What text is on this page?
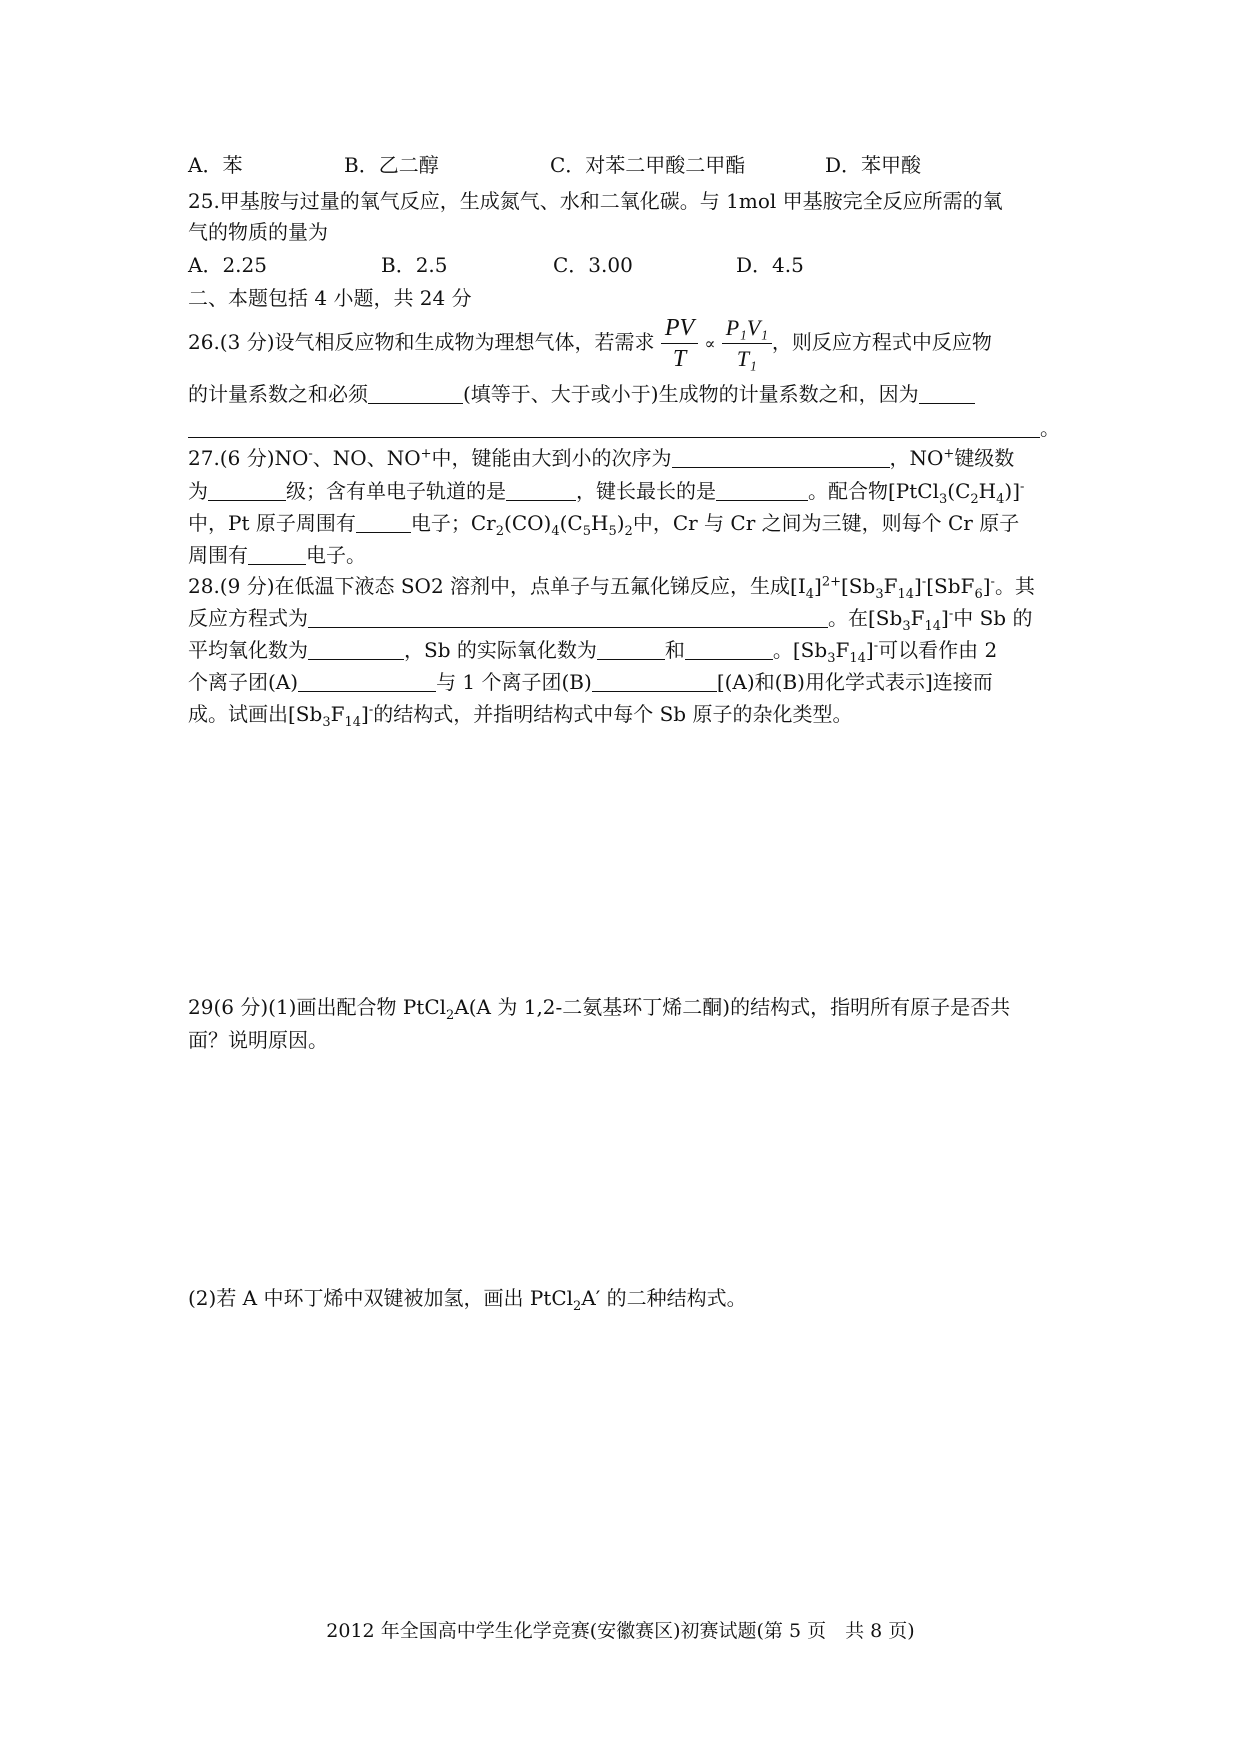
A．苯	B．乙二醇	C．对苯二甲酸二甲酯	D．苯甲酸
25.甲基胺与过量的氧气反应，生成氮气、水和二氧化碳。与 1mol 甲基胺完全反应所需的氧
气的物质的量为
A．2.25	B．2.5	C．3.00	D．4.5
二、本题包括 4 小题，共 24 分
26.(3 分)设气相反应物和生成物为理想气体，若需求 $\frac{PV}{T} \propto \frac{\text{P₁V₁}}{\text{T₁}}$ ，则反应方程式中反应物
的计量系数之和必须	(填等于、大于或小于)生成物的计量系数之和，因为
。
27.(6 分)NO-、NO、NO+中，键能由大到小的次序为	，NO+键级数
为	级；含有单电子轨道的是	，键长最长的是	。配合物$[PtCl_3(C_2H_4)]^-$
中，Pt 原子周围有	电子；$Cr_2(CO)_4(C_5H_5)_2$中，Cr 与 Cr 之间为三键，则每个 Cr 原子
周围有	电子。
28.(9 分)在低温下液态 SO2 溶剂中，点单子与五氟化锑反应，生成$[I_4]^{2+}[Sb_3F_{14}]^-[SbF_6]^-$。其
反应方程式为	。在$[Sb_3F_{14}]^-$中 Sb 的
平均氧化数为	，Sb 的实际氧化数为	和	。$[Sb_3F_{14}]^-$可以看作由 2
个离子团(A)	与 1 个离子团(B)	[(A)和(B)用化学式表示]连接而
成。试画出$[Sb_3F_{14}]^-$的结构式，并指明结构式中每个 Sb 原子的杂化类型。
29(6 分)(1)画出配合物 PtCl$_2$A(A 为 1,2-二氨基环丁烯二酮)的结构式，指明所有原子是否共
面？说明原因。
(2)若 A 中环丁烯中双键被加氢，画出 PtCl$_2$A′ 的二种结构式。
2012 年全国高中学生化学竞赛(安徽赛区)初赛试题(第 5 页　共 8 页)
